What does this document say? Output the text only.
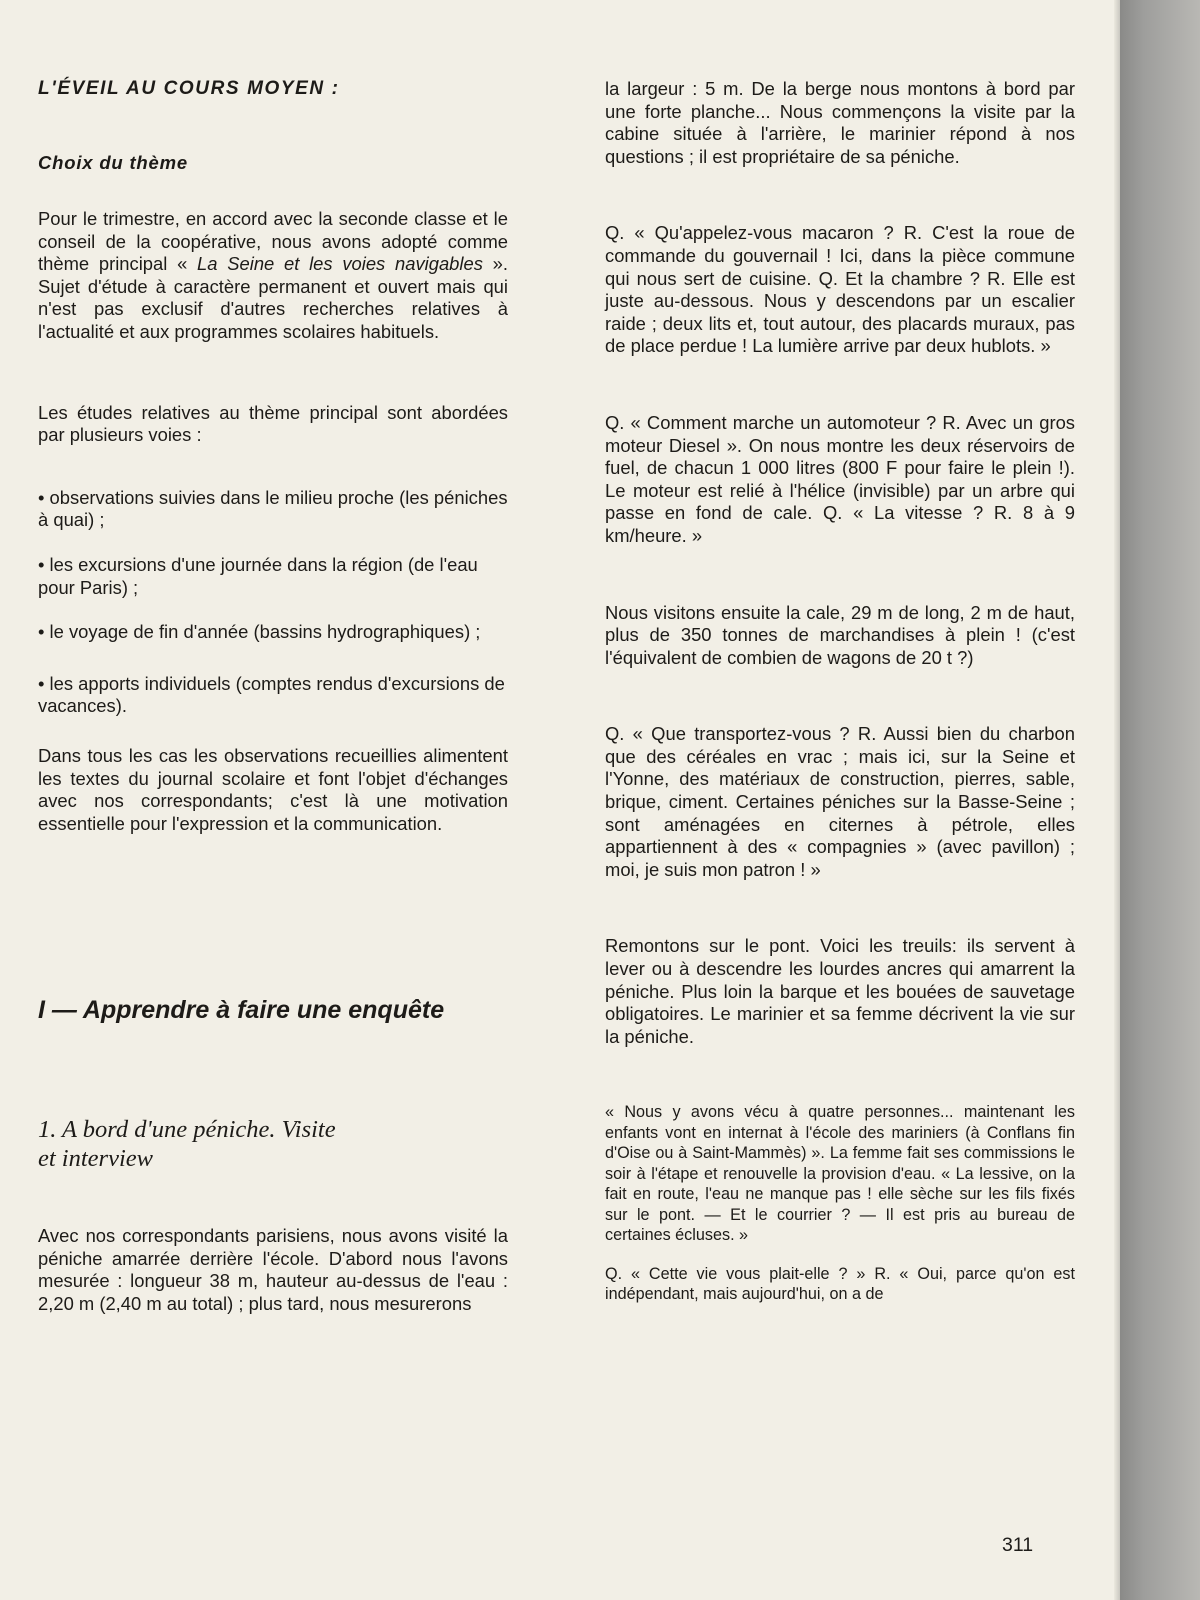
L'ÉVEIL AU COURS MOYEN :
Choix du thème

Pour le trimestre, en accord avec la seconde classe et le conseil de la coopérative, nous avons adopté comme thème principal « La Seine et les voies navigables ». Sujet d'étude à caractère permanent et ouvert mais qui n'est pas exclusif d'autres recherches relatives à l'actualité et aux programmes scolaires habituels.

Les études relatives au thème principal sont abordées par plusieurs voies :

• observations suivies dans le milieu proche (les péniches à quai) ;

• les excursions d'une journée dans la région (de l'eau pour Paris) ;

• le voyage de fin d'année (bassins hydrographiques) ;

• les apports individuels (comptes rendus d'excursions de vacances).

Dans tous les cas les observations recueillies alimentent les textes du journal scolaire et font l'objet d'échanges avec nos correspondants; c'est là une motivation essentielle pour l'expression et la communication.

I — Apprendre à faire une enquête
1. A bord d'une péniche. Visite
et interview

Avec nos correspondants parisiens, nous avons visité la péniche amarrée derrière l'école. D'abord nous l'avons mesurée : longueur 38 m, hauteur au-dessus de l'eau : 2,20 m (2,40 m au total) ; plus tard, nous mesurerons

la largeur : 5 m. De la berge nous montons à bord par une forte planche... Nous commençons la visite par la cabine située à l'arrière, le marinier répond à nos questions ; il est propriétaire de sa péniche.

Q. « Qu'appelez-vous macaron ? R. C'est la roue de commande du gouvernail ! Ici, dans la pièce commune qui nous sert de cuisine. Q. Et la chambre ? R. Elle est juste au-dessous. Nous y descendons par un escalier raide ; deux lits et, tout autour, des placards muraux, pas de place perdue ! La lumière arrive par deux hublots. »

Q. « Comment marche un automoteur ? R. Avec un gros moteur Diesel ». On nous montre les deux réservoirs de fuel, de chacun 1 000 litres (800 F pour faire le plein !). Le moteur est relié à l'hélice (invisible) par un arbre qui passe en fond de cale. Q. « La vitesse ? R. 8 à 9 km/heure. »

Nous visitons ensuite la cale, 29 m de long, 2 m de haut, plus de 350 tonnes de marchandises à plein ! (c'est l'équivalent de combien de wagons de 20 t ?)

Q. « Que transportez-vous ? R. Aussi bien du charbon que des céréales en vrac ; mais ici, sur la Seine et l'Yonne, des matériaux de construction, pierres, sable, brique, ciment. Certaines péniches sur la Basse-Seine ; sont aménagées en citernes à pétrole, elles appartiennent à des « compagnies » (avec pavillon) ; moi, je suis mon patron ! »

Remontons sur le pont. Voici les treuils: ils servent à lever ou à descendre les lourdes ancres qui amarrent la péniche. Plus loin la barque et les bouées de sauvetage obligatoires. Le marinier et sa femme décrivent la vie sur la péniche.

« Nous y avons vécu à quatre personnes... maintenant les enfants vont en internat à l'école des mariniers (à Conflans fin d'Oise ou à Saint-Mammès) ». La femme fait ses commissions le soir à l'étape et renouvelle la provision d'eau. « La lessive, on la fait en route, l'eau ne manque pas ! elle sèche sur les fils fixés sur le pont. — Et le courrier ? — Il est pris au bureau de certaines écluses. »

Q. « Cette vie vous plait-elle ? » R. « Oui, parce qu'on est indépendant, mais aujourd'hui, on a de

311
